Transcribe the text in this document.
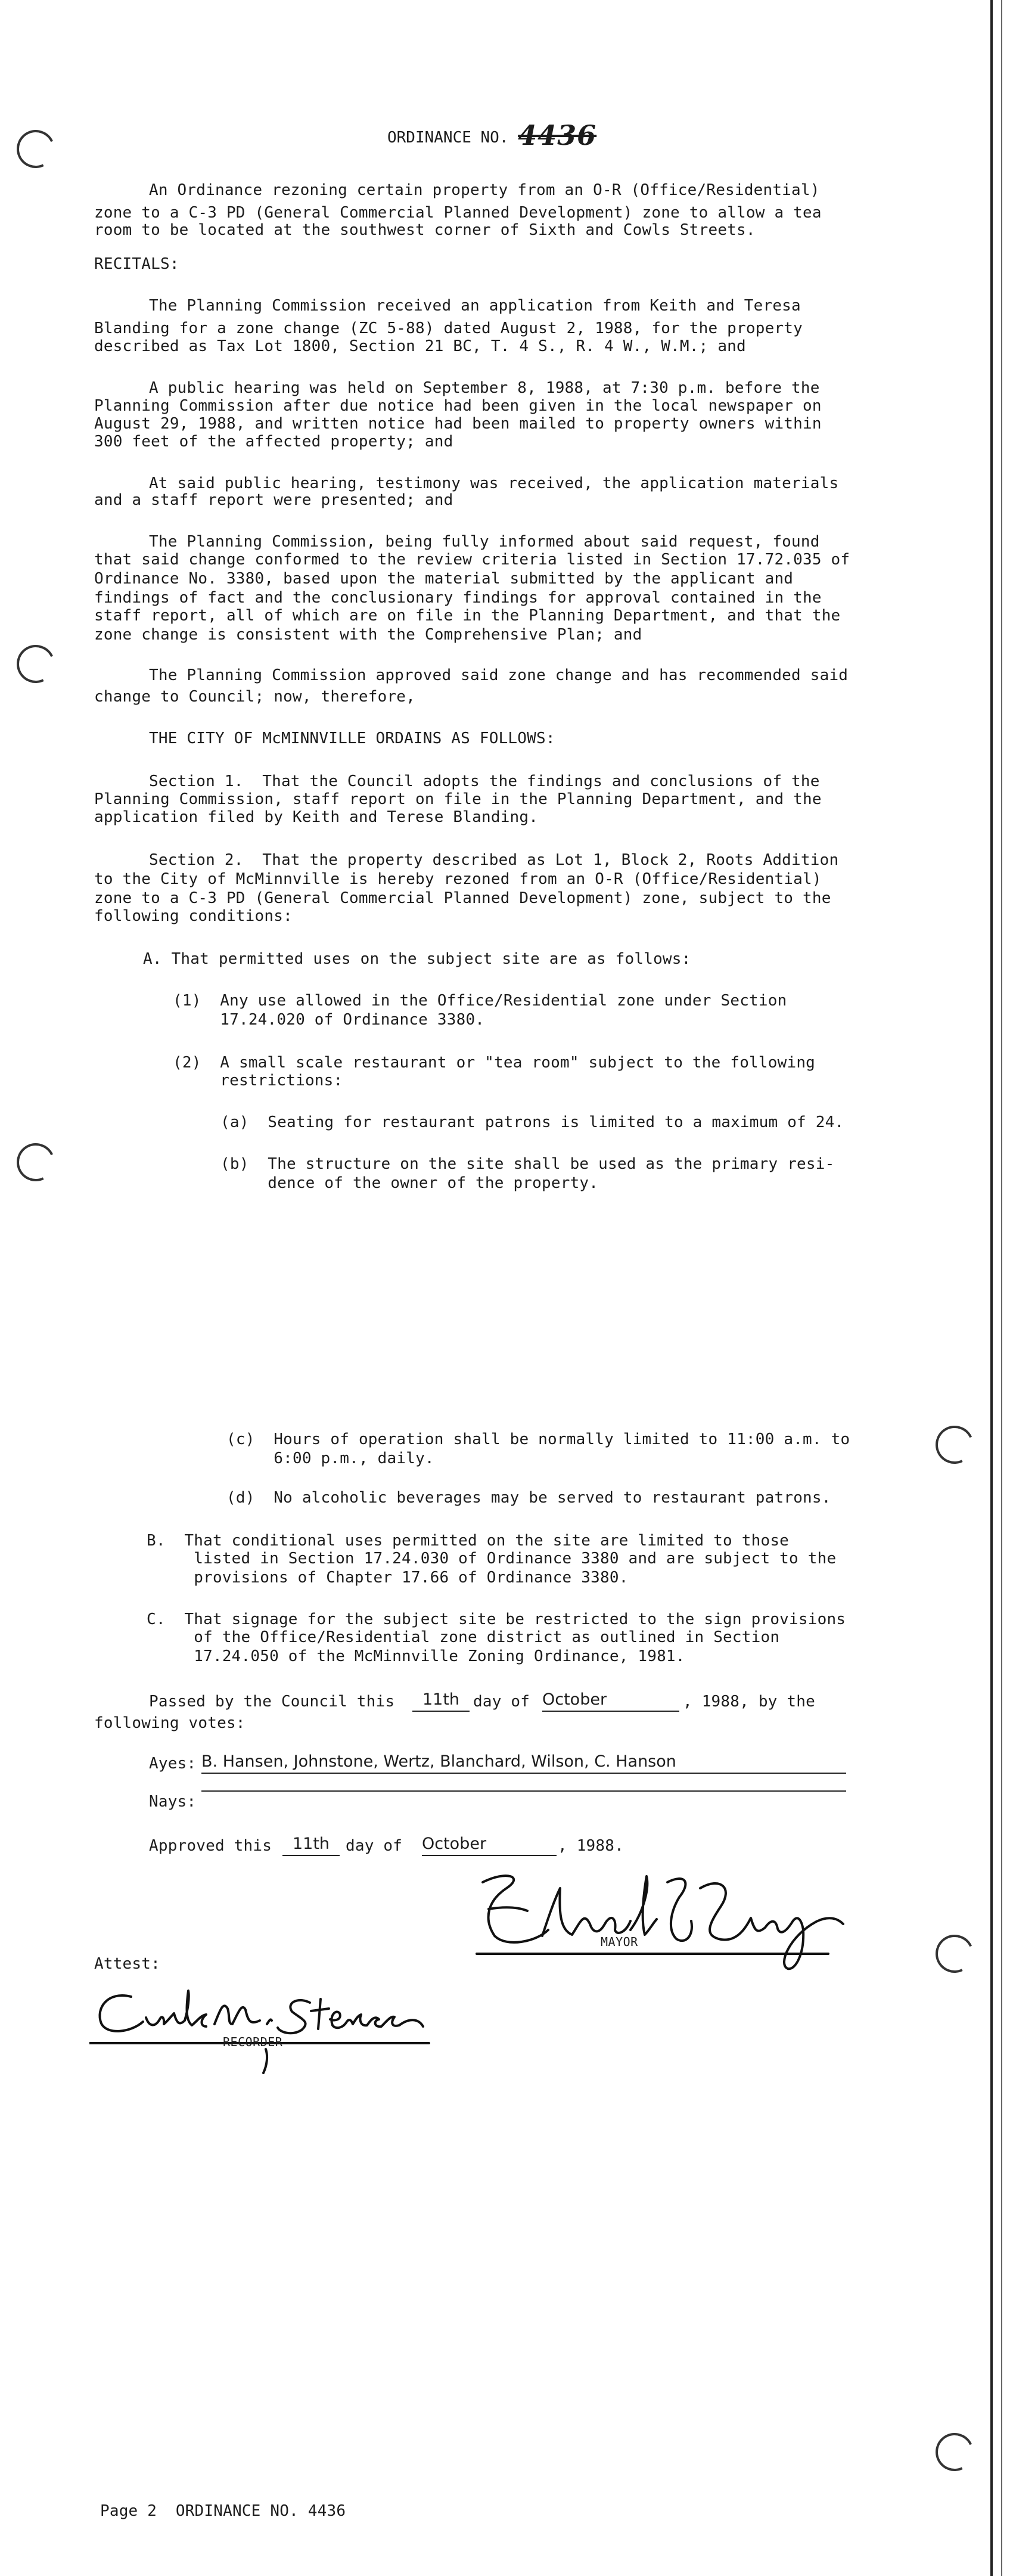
ORDINANCE NO. 4436
An Ordinance rezoning certain property from an O-R (Office/Residential)
zone to a C-3 PD (General Commercial Planned Development) zone to allow a tea
room to be located at the southwest corner of Sixth and Cowls Streets.
RECITALS:
The Planning Commission received an application from Keith and Teresa
Blanding for a zone change (ZC 5-88) dated August 2, 1988, for the property
described as Tax Lot 1800, Section 21 BC, T. 4 S., R. 4 W., W.M.; and
A public hearing was held on September 8, 1988, at 7:30 p.m. before the
Planning Commission after due notice had been given in the local newspaper on
August 29, 1988, and written notice had been mailed to property owners within
300 feet of the affected property; and
At said public hearing, testimony was received, the application materials
and a staff report were presented; and
The Planning Commission, being fully informed about said request, found
that said change conformed to the review criteria listed in Section 17.72.035 of
Ordinance No. 3380, based upon the material submitted by the applicant and
findings of fact and the conclusionary findings for approval contained in the
staff report, all of which are on file in the Planning Department, and that the
zone change is consistent with the Comprehensive Plan; and
The Planning Commission approved said zone change and has recommended said
change to Council; now, therefore,
THE CITY OF McMINNVILLE ORDAINS AS FOLLOWS:
Section 1.  That the Council adopts the findings and conclusions of the
Planning Commission, staff report on file in the Planning Department, and the
application filed by Keith and Terese Blanding.
Section 2.  That the property described as Lot 1, Block 2, Roots Addition
to the City of McMinnville is hereby rezoned from an O-R (Office/Residential)
zone to a C-3 PD (General Commercial Planned Development) zone, subject to the
following conditions:
A. That permitted uses on the subject site are as follows:
(1)  Any use allowed in the Office/Residential zone under Section
17.24.020 of Ordinance 3380.
(2)  A small scale restaurant or "tea room" subject to the following
restrictions:
(a)  Seating for restaurant patrons is limited to a maximum of 24.
(b)  The structure on the site shall be used as the primary resi-
dence of the owner of the property.
(c)  Hours of operation shall be normally limited to 11:00 a.m. to
6:00 p.m., daily.
(d)  No alcoholic beverages may be served to restaurant patrons.
B.  That conditional uses permitted on the site are limited to those
listed in Section 17.24.030 of Ordinance 3380 and are subject to the
provisions of Chapter 17.66 of Ordinance 3380.
C.  That signage for the subject site be restricted to the sign provisions
of the Office/Residential zone district as outlined in Section
17.24.050 of the McMinnville Zoning Ordinance, 1981.
Passed by the Council this	11th day of October	, 1988, by the
following votes:
Ayes: B. Hansen, Johnstone, Wertz, Blanchard, Wilson, C. Hanson
Nays:
Approved this	11th	day of October	, 1988.
MAYOR
Attest:
RECORDER
Page 2  ORDINANCE NO. 4436
